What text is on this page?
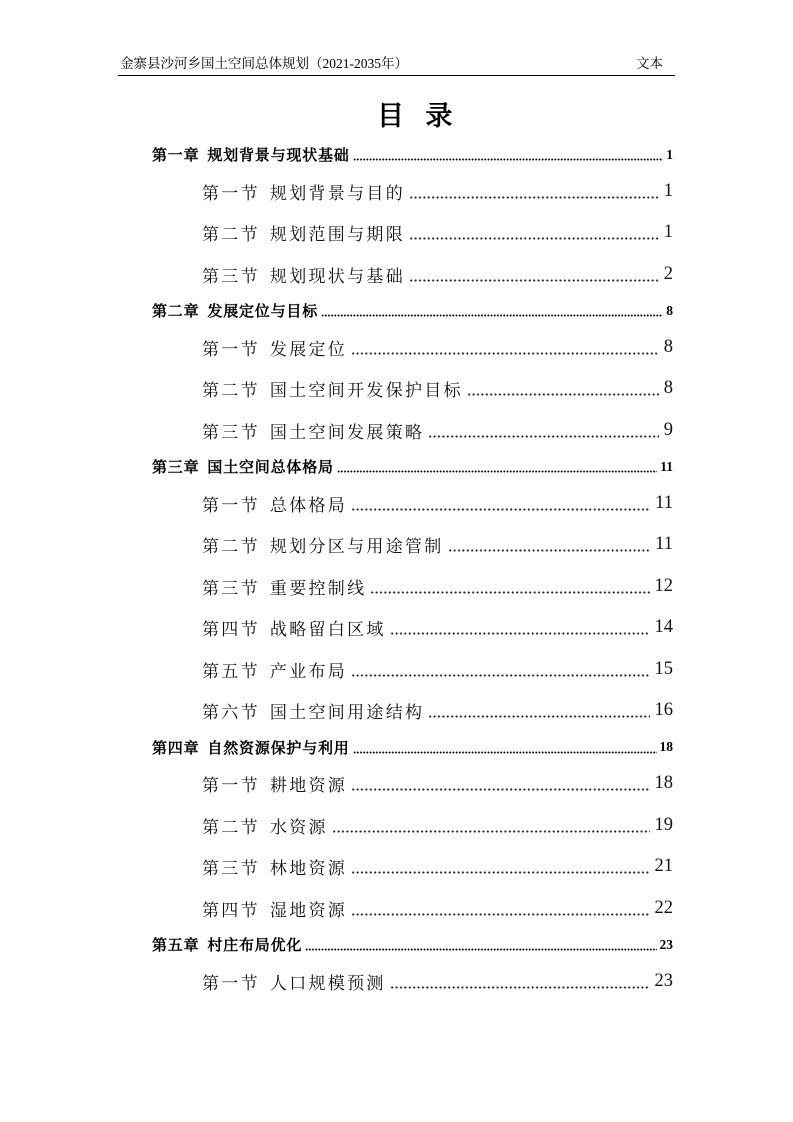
金寨县沙河乡国土空间总体规划（2021-2035年）	文本
目 录
第一章 规划背景与现状基础	1
第一节 规划背景与目的	1
第二节 规划范围与期限	1
第三节 规划现状与基础	2
第二章 发展定位与目标	8
第一节 发展定位	8
第二节 国土空间开发保护目标	8
第三节 国土空间发展策略	9
第三章 国土空间总体格局	11
第一节 总体格局	11
第二节 规划分区与用途管制	11
第三节 重要控制线	12
第四节 战略留白区域	14
第五节 产业布局	15
第六节 国土空间用途结构	16
第四章 自然资源保护与利用	18
第一节 耕地资源	18
第二节 水资源	19
第三节 林地资源	21
第四节 湿地资源	22
第五章 村庄布局优化	23
第一节 人口规模预测	23
